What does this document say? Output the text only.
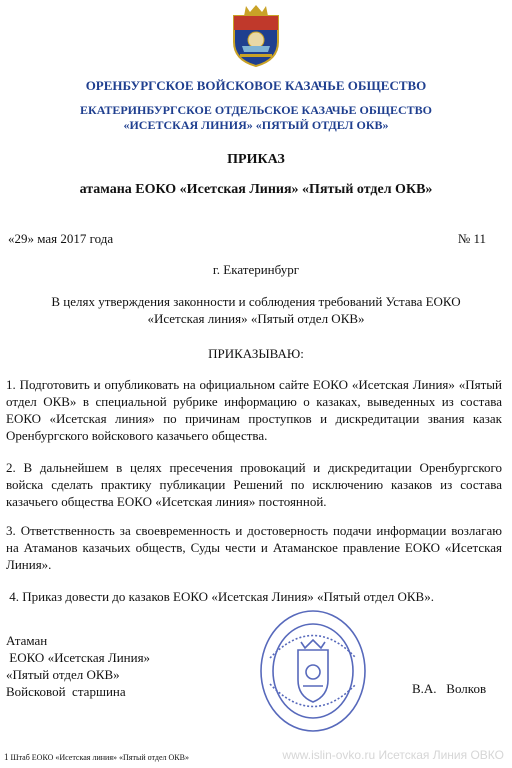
ОРЕНБУРГСКОЕ ВОЙСКОВОЕ КАЗАЧЬЕ ОБЩЕСТВО
ЕКАТЕРИНБУРГСКОЕ ОТДЕЛЬСКОЕ КАЗАЧЬЕ ОБЩЕСТВО
«ИСЕТСКАЯ ЛИНИЯ» «ПЯТЫЙ ОТДЕЛ ОКВ»
ПРИКАЗ
атамана ЕОКО «Исетская Линия» «Пятый отдел ОКВ»
«29» мая 2017 года	№ 11
г. Екатеринбург
В целях утверждения законности и соблюдения требований Устава ЕОКО «Исетская линия» «Пятый отдел ОКВ»
ПРИКАЗЫВАЮ:
1. Подготовить и опубликовать на официальном сайте ЕОКО «Исетская Линия» «Пятый отдел ОКВ» в специальной рубрике информацию о казаках, выведенных из состава ЕОКО «Исетская линия» по причинам проступков и дискредитации звания казак Оренбургского войскового казачьего общества.
2. В дальнейшем в целях пресечения провокаций и дискредитации Оренбургского войска сделать практику публикации Решений по исключению казаков из состава казачьего общества ЕОКО «Исетская линия» постоянной.
3. Ответственность за своевременность и достоверность подачи информации возлагаю на Атаманов казачьих обществ, Суды чести и Атаманское правление ЕОКО «Исетская Линия».
4. Приказ довести до казаков ЕОКО «Исетская Линия» «Пятый отдел ОКВ».
Атаман
ЕОКО «Исетская Линия»
«Пятый отдел ОКВ»
Войсковой  старшина	В.А.   Волков
1 Штаб ЕОКО «Исетская линия» «Пятый отдел ОКВ»	www.islin-ovko.ru Исетская Линия ОВКО
